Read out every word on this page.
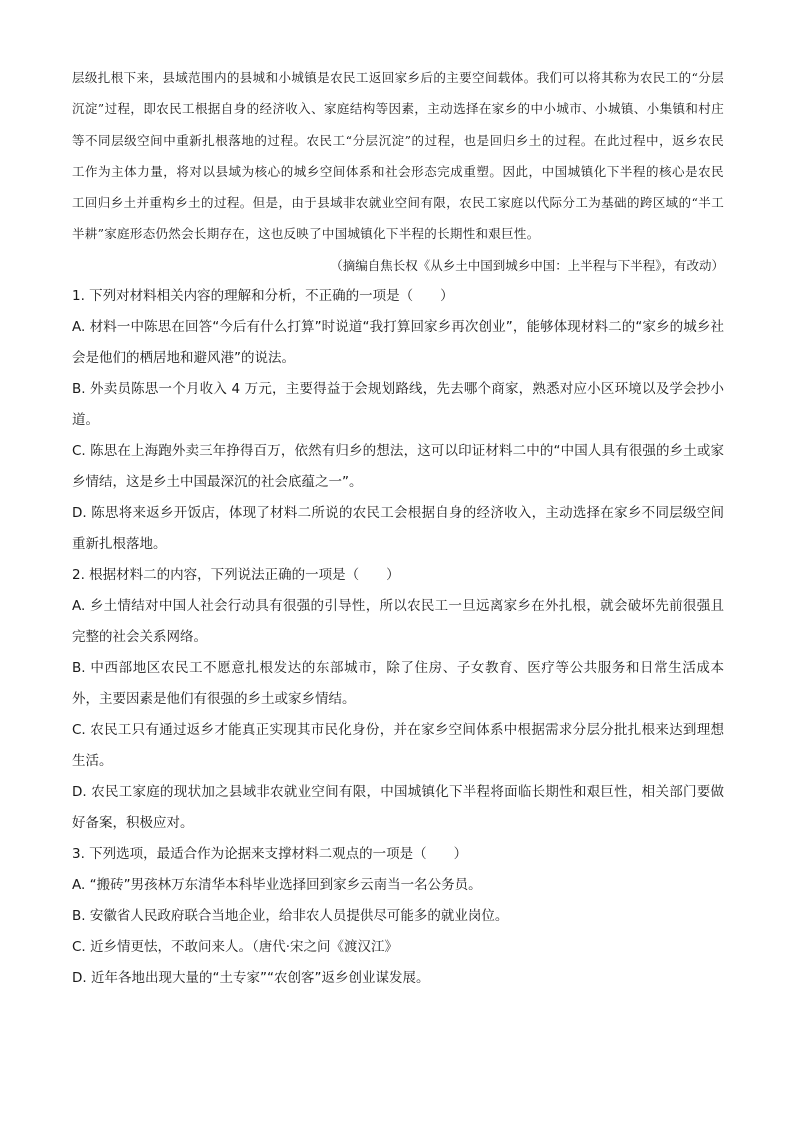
层级扎根下来，县域范围内的县城和小城镇是农民工返回家乡后的主要空间载体。我们可以将其称为农民工的“分层沉淀”过程，即农民工根据自身的经济收入、家庭结构等因素，主动选择在家乡的中小城市、小城镇、小集镇和村庄等不同层级空间中重新扎根落地的过程。农民工“分层沉淀”的过程，也是回归乡土的过程。在此过程中，返乡农民工作为主体力量，将对以县域为核心的城乡空间体系和社会形态完成重塑。因此，中国城镇化下半程的核心是农民工回归乡土并重构乡土的过程。但是，由于县域非农就业空间有限，农民工家庭以代际分工为基础的跨区域的“半工半耕”家庭形态仍然会长期存在，这也反映了中国城镇化下半程的长期性和艰巨性。

（摘编自焦长权《从乡土中国到城乡中国：上半程与下半程》，有改动）

1. 下列对材料相关内容的理解和分析，不正确的一项是（　　）

A. 材料一中陈思在回答“今后有什么打算”时说道“我打算回家乡再次创业”，能够体现材料二的“家乡的城乡社会是他们的栖居地和避风港”的说法。

B. 外卖员陈思一个月收入 4 万元，主要得益于会规划路线，先去哪个商家，熟悉对应小区环境以及学会抄小道。

C. 陈思在上海跑外卖三年挣得百万，依然有归乡的想法，这可以印证材料二中的“中国人具有很强的乡土或家乡情结，这是乡土中国最深沉的社会底蕴之一”。

D. 陈思将来返乡开饭店，体现了材料二所说的农民工会根据自身的经济收入，主动选择在家乡不同层级空间重新扎根落地。

2. 根据材料二的内容，下列说法正确的一项是（　　）

A. 乡土情结对中国人社会行动具有很强的引导性，所以农民工一旦远离家乡在外扎根，就会破坏先前很强且完整的社会关系网络。

B. 中西部地区农民工不愿意扎根发达的东部城市，除了住房、子女教育、医疗等公共服务和日常生活成本外，主要因素是他们有很强的乡土或家乡情结。

C. 农民工只有通过返乡才能真正实现其市民化身份，并在家乡空间体系中根据需求分层分批扎根来达到理想生活。

D. 农民工家庭的现状加之县域非农就业空间有限，中国城镇化下半程将面临长期性和艰巨性，相关部门要做好备案，积极应对。

3. 下列选项，最适合作为论据来支撑材料二观点的一项是（　　）

A. “搬砖”男孩林万东清华本科毕业选择回到家乡云南当一名公务员。

B. 安徽省人民政府联合当地企业，给非农人员提供尽可能多的就业岗位。

C. 近乡情更怯，不敢问来人。（唐代·宋之问《渡汉江》

D. 近年各地出现大量的“土专家”“农创客”返乡创业谋发展。
